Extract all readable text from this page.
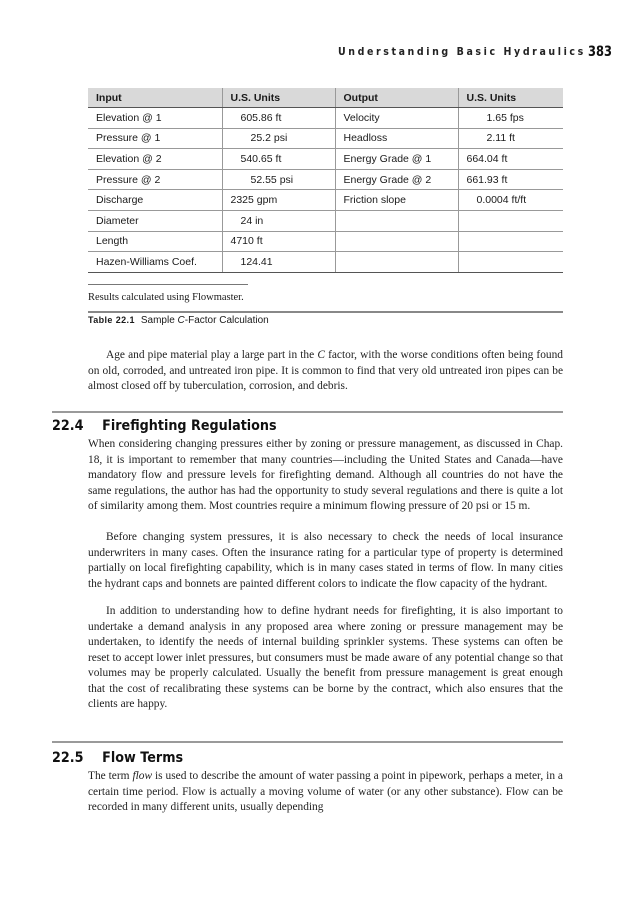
Understanding Basic Hydraulics 383
Input	U.S. Units	Output	U.S. Units
Elevation @ 1	605.86 ft	Velocity	1.65 fps
Pressure @ 1	25.2 psi	Headloss	2.11 ft
Elevation @ 2	540.65 ft	Energy Grade @ 1	664.04 ft
Pressure @ 2	52.55 psi	Energy Grade @ 2	661.93 ft
Discharge	2325 gpm	Friction slope	0.0004 ft/ft
Diameter	24 in		
Length	4710 ft		
Hazen-Williams Coef.	124.41		
Results calculated using Flowmaster.
Table 22.1 Sample C-Factor Calculation

Age and pipe material play a large part in the C factor, with the worse conditions often being found on old, corroded, and untreated iron pipe. It is common to find that very old untreated iron pipes can be almost closed off by tuberculation, corrosion, and debris.

22.4 Firefighting Regulations

When considering changing pressures either by zoning or pressure management, as discussed in Chap. 18, it is important to remember that many countries—including the United States and Canada—have mandatory flow and pressure levels for firefighting demand. Although all countries do not have the same regulations, the author has had the opportunity to study several regulations and there is quite a lot of similarity among them. Most countries require a minimum flowing pressure of 20 psi or 15 m.

Before changing system pressures, it is also necessary to check the needs of local insurance underwriters in many cases. Often the insurance rating for a particular type of property is determined partially on local firefighting capability, which is in many cases stated in terms of flow. In many cities the hydrant caps and bonnets are painted different colors to indicate the flow capacity of the hydrant.

In addition to understanding how to define hydrant needs for firefighting, it is also important to undertake a demand analysis in any proposed area where zoning or pressure management may be undertaken, to identify the needs of internal building sprinkler systems. These systems can often be reset to accept lower inlet pressures, but consumers must be made aware of any potential change so that volumes may be properly calculated. Usually the benefit from pressure management is great enough that the cost of recalibrating these systems can be borne by the contract, which also ensures that the clients are happy.

22.5 Flow Terms

The term flow is used to describe the amount of water passing a point in pipework, perhaps a meter, in a certain time period. Flow is actually a moving volume of water (or any other substance). Flow can be recorded in many different units, usually depending
